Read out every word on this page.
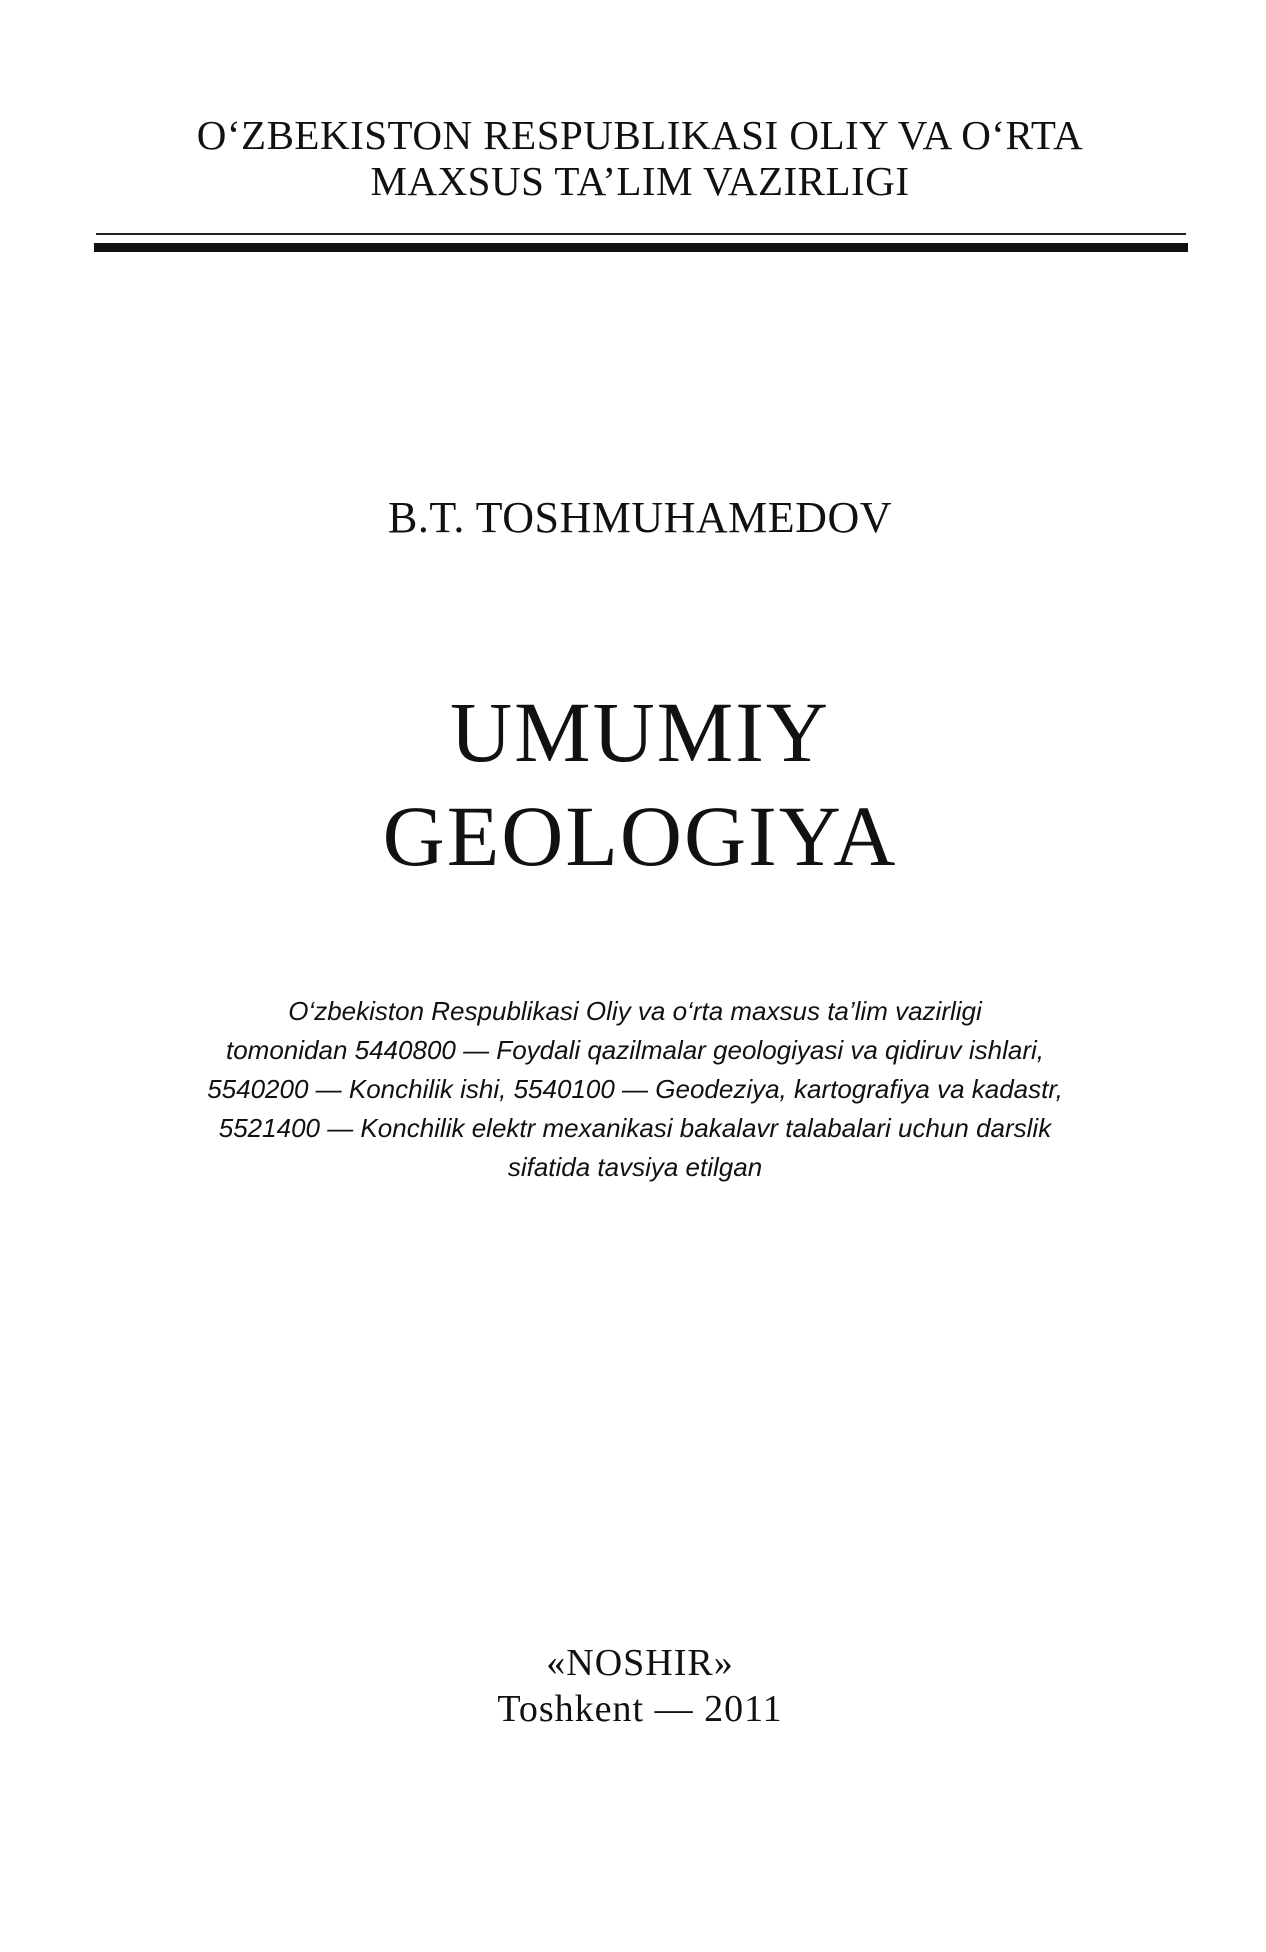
O‘ZBEKISTON RESPUBLIKASI OLIY VA O‘RTA
MAXSUS TA’LIM VAZIRLIGI
B.T. TOSHMUHAMEDOV
UMUMIY
GEOLOGIYA
O‘zbekiston Respublikasi Oliy va o‘rta maxsus ta’lim vazirligi
tomonidan 5440800 — Foydali qazilmalar geologiyasi va qidiruv ishlari,
5540200 — Konchilik ishi, 5540100 — Geodeziya, kartografiya va kadastr,
5521400 — Konchilik elektr mexanikasi bakalavr talabalari uchun darslik
sifatida tavsiya etilgan
«NOSHIR»
Toshkent — 2011
